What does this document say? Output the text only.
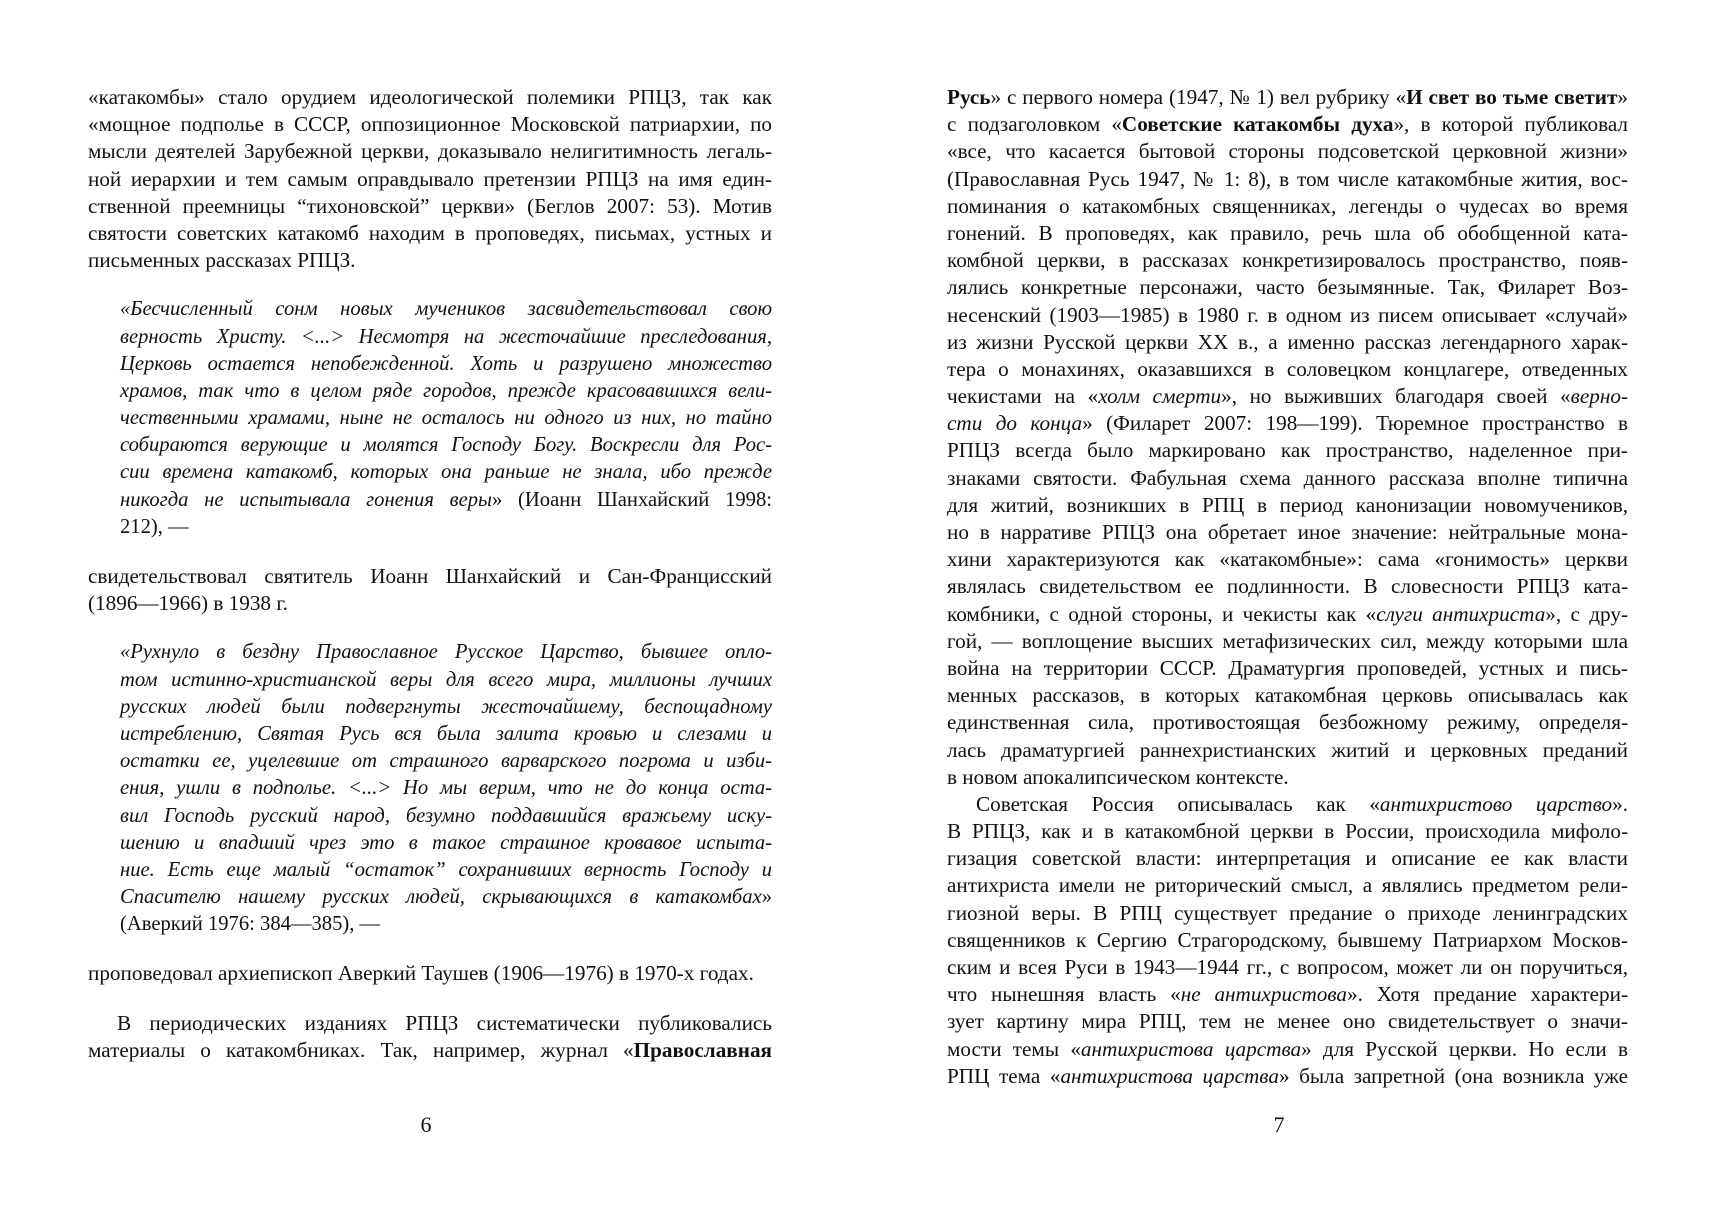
«катакомбы» стало орудием идеологической полемики РПЦЗ, так как
«мощное подполье в СССР, оппозиционное Московской патриархии, по
мысли деятелей Зарубежной церкви, доказывало нелигитимность легаль-
ной иерархии и тем самым оправдывало претензии РПЦЗ на имя един-
ственной преемницы “тихоновской” церкви» (Беглов 2007: 53). Мотив
святости советских катакомб находим в проповедях, письмах, устных и
письменных рассказах РПЦЗ.
«Бесчисленный сонм новых мучеников засвидетельствовал свою
верность Христу. <...> Несмотря на жесточайшие преследования,
Церковь остается непобежденной. Хоть и разрушено множество
храмов, так что в целом ряде городов, прежде красовавшихся вели-
чественными храмами, ныне не осталось ни одного из них, но тайно
собираются верующие и молятся Господу Богу. Воскресли для Рос-
сии времена катакомб, которых она раньше не знала, ибо прежде
никогда не испытывала гонения веры» (Иоанн Шанхайский 1998:
212), —
свидетельствовал святитель Иоанн Шанхайский и Сан-Францисский
(1896—1966) в 1938 г.
«Рухнуло в бездну Православное Русское Царство, бывшее опло-
том истинно-христианской веры для всего мира, миллионы лучших
русских людей были подвергнуты жесточайшему, беспощадному
истреблению, Святая Русь вся была залита кровью и слезами и
остатки ее, уцелевшие от страшного варварского погрома и изби-
ения, ушли в подполье. <...> Но мы верим, что не до конца оста-
вил Господь русский народ, безумно поддавшийся вражьему иску-
шению и впадший чрез это в такое страшное кровавое испыта-
ние. Есть еще малый “остаток” сохранивших верность Господу и
Спасителю нашему русских людей, скрывающихся в катакомбах»
(Аверкий 1976: 384—385), —
проповедовал архиепископ Аверкий Таушев (1906—1976) в 1970-х годах.
В периодических изданиях РПЦЗ систематически публиковались
материалы о катакомбниках. Так, например, журнал «Православная
6
Русь» с первого номера (1947, № 1) вел рубрику «И свет во тьме светит»
с подзаголовком «Советские катакомбы духа», в которой публиковал
«все, что касается бытовой стороны подсоветской церковной жизни»
(Православная Русь 1947, № 1: 8), в том числе катакомбные жития, вос-
поминания о катакомбных священниках, легенды о чудесах во время
гонений. В проповедях, как правило, речь шла об обобщенной ката-
комбной церкви, в рассказах конкретизировалось пространство, появ-
лялись конкретные персонажи, часто безымянные. Так, Филарет Воз-
несенский (1903—1985) в 1980 г. в одном из писем описывает «случай»
из жизни Русской церкви XX в., а именно рассказ легендарного харак-
тера о монахинях, оказавшихся в соловецком концлагере, отведенных
чекистами на «холм смерти», но выживших благодаря своей «верно-
сти до конца» (Филарет 2007: 198—199). Тюремное пространство в
РПЦЗ всегда было маркировано как пространство, наделенное при-
знаками святости. Фабульная схема данного рассказа вполне типична
для житий, возникших в РПЦ в период канонизации новомучеников,
но в нарративе РПЦЗ она обретает иное значение: нейтральные мона-
хини характеризуются как «катакомбные»: сама «гонимость» церкви
являлась свидетельством ее подлинности. В словесности РПЦЗ ката-
комбники, с одной стороны, и чекисты как «слуги антихриста», с дру-
гой, — воплощение высших метафизических сил, между которыми шла
война на территории СССР. Драматургия проповедей, устных и пись-
менных рассказов, в которых катакомбная церковь описывалась как
единственная сила, противостоящая безбожному режиму, определя-
лась драматургией раннехристианских житий и церковных преданий
в новом апокалипсическом контексте.
Советская Россия описывалась как «антихристово царство».
В РПЦЗ, как и в катакомбной церкви в России, происходила мифоло-
гизация советской власти: интерпретация и описание ее как власти
антихриста имели не риторический смысл, а являлись предметом рели-
гиозной веры. В РПЦ существует предание о приходе ленинградских
священников к Сергию Страгородскому, бывшему Патриархом Москов-
ским и всея Руси в 1943—1944 гг., с вопросом, может ли он поручиться,
что нынешняя власть «не антихристова». Хотя предание характери-
зует картину мира РПЦ, тем не менее оно свидетельствует о значи-
мости темы «антихристова царства» для Русской церкви. Но если в
РПЦ тема «антихристова царства» была запретной (она возникла уже
7
